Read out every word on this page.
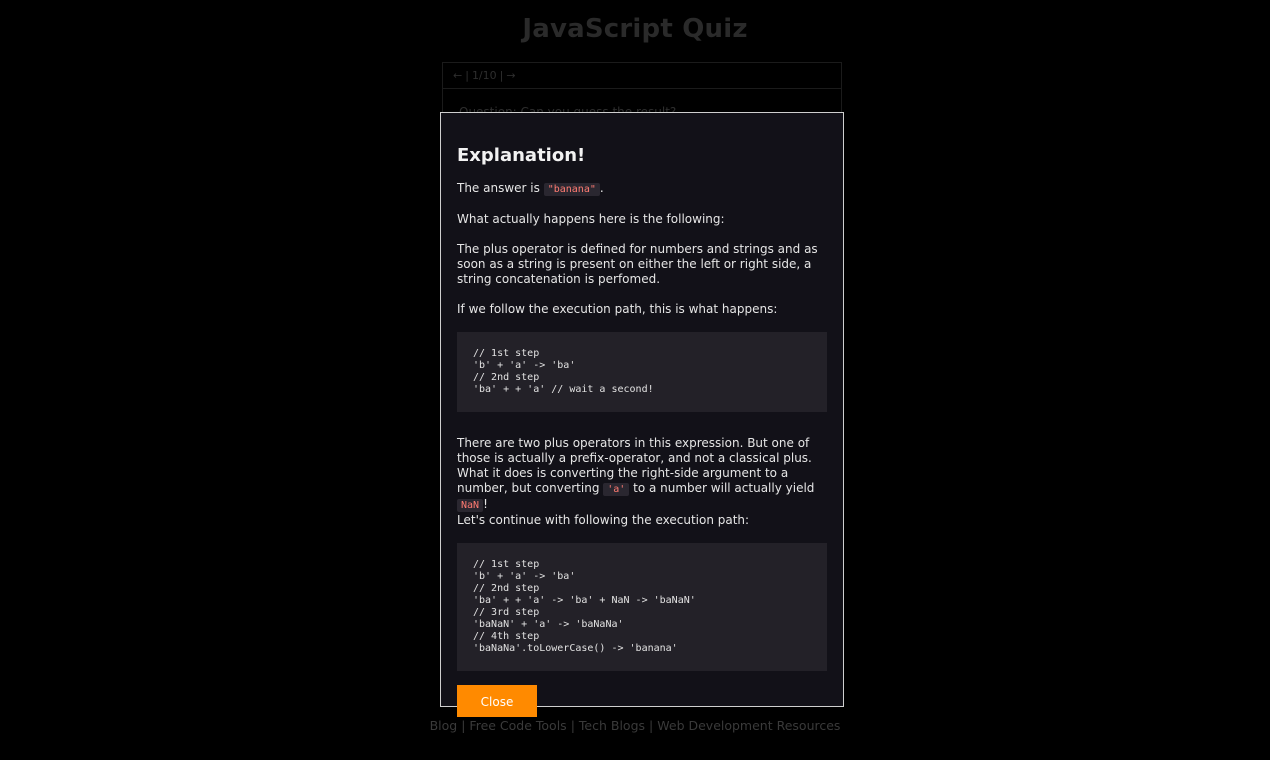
JavaScript Quiz
← | 1/10 | →
Blog | Free Code Tools | Tech Blogs | Web Development Resources
Explanation!

The answer is "banana" .

What actually happens here is the following:

The plus operator is defined for numbers and strings and as soon as a string is present on either the left or right side, a string concatenation is perfomed.

If we follow the execution path, this is what happens:

// 1st step
'b' + 'a' -> 'ba'
// 2nd step
'ba' + + 'a' // wait a second!

There are two plus operators in this expression. But one of those is actually a prefix-operator, and not a classical plus.
What it does is converting the right-side argument to a number, but converting 'a' to a number will actually yield NaN !
Let's continue with following the execution path:

// 1st step
'b' + 'a' -> 'ba'
// 2nd step
'ba' + + 'a' -> 'ba' + NaN -> 'baNaN'
// 3rd step
'baNaN' + 'a' -> 'baNaNa'
// 4th step
'baNaNa'.toLowerCase() -> 'banana'
Close
